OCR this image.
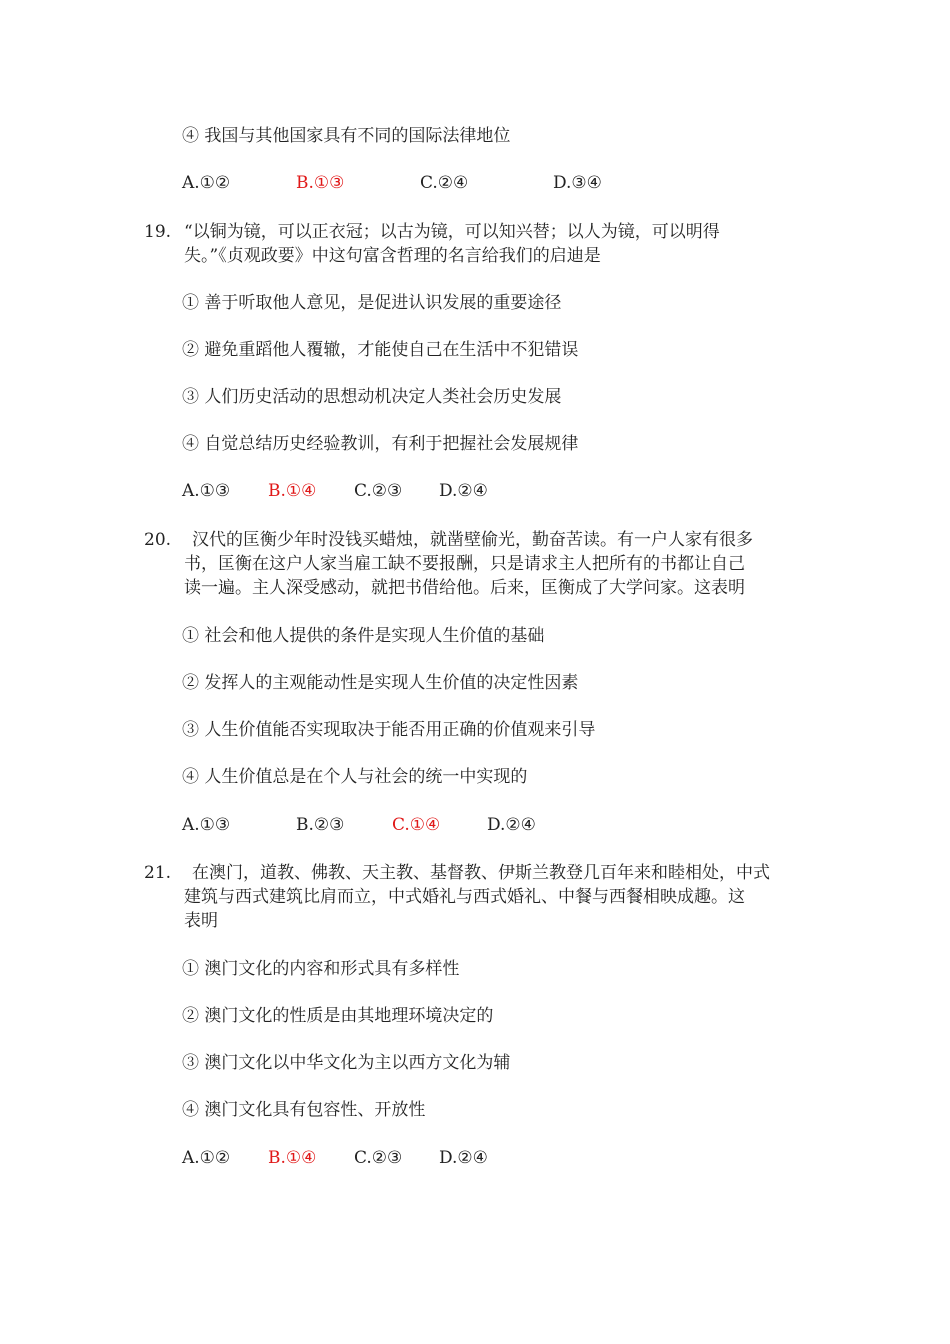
④ 我国与其他国家具有不同的国际法律地位
A.①②	B.①③	C.②④	D.③④
19. “以铜为镜，可以正衣冠；以古为镜，可以知兴替；以人为镜，可以明得
失。”《贞观政要》中这句富含哲理的名言给我们的启迪是
① 善于听取他人意见，是促进认识发展的重要途径
② 避免重蹈他人覆辙，才能使自己在生活中不犯错误
③ 人们历史活动的思想动机决定人类社会历史发展
④ 自觉总结历史经验教训，有利于把握社会发展规律
A.①③ B.①④ C.②③ D.②④
20. 汉代的匡衡少年时没钱买蜡烛，就凿壁偷光，勤奋苦读。有一户人家有很多
书，匡衡在这户人家当雇工缺不要报酬，只是请求主人把所有的书都让自己
读一遍。主人深受感动，就把书借给他。后来，匡衡成了大学问家。这表明
① 社会和他人提供的条件是实现人生价值的基础
② 发挥人的主观能动性是实现人生价值的决定性因素
③ 人生价值能否实现取决于能否用正确的价值观来引导
④ 人生价值总是在个人与社会的统一中实现的
A.①③	B.②③	C.①④	D.②④
21. 在澳门，道教、佛教、天主教、基督教、伊斯兰教登几百年来和睦相处，中式
建筑与西式建筑比肩而立，中式婚礼与西式婚礼、中餐与西餐相映成趣。这
表明
① 澳门文化的内容和形式具有多样性
② 澳门文化的性质是由其地理环境决定的
③ 澳门文化以中华文化为主以西方文化为辅
④ 澳门文化具有包容性、开放性
A.①② B.①④ C.②③ D.②④
